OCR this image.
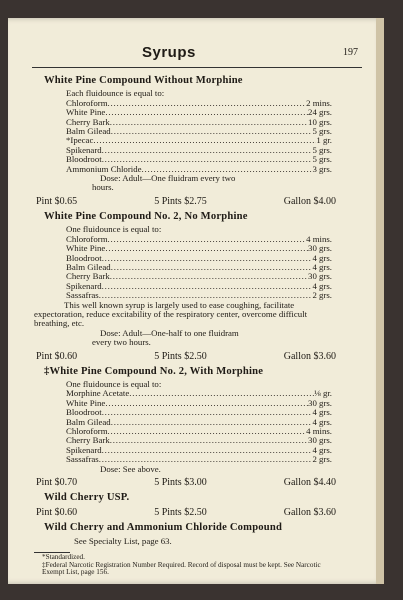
Syrups	197
White Pine Compound Without Morphine
Each fluidounce is equal to:
Chloroform .....	2 mins.
White Pine .....	24 grs.
Cherry Bark .....	10 grs.
Balm Gilead .....	5 grs.
*Ipecac .....	1 gr.
Spikenard .....	5 grs.
Bloodroot .....	5 grs.
Ammonium Chloride .....	3 grs.
Dose: Adult—One fluidram every two
hours.
Pint $0.65	5 Pints $2.75	Gallon $4.00
White Pine Compound No. 2, No Morphine
One fluidounce is equal to:
Chloroform .....	4 mins.
White Pine .....	30 grs.
Bloodroot .....	4 grs.
Balm Gilead .....	4 grs.
Cherry Bark .....	30 grs.
Spikenard .....	4 grs.
Sassafras .....	2 grs.
This well known syrup is largely used to ease coughing, facilitate expectoration, reduce excitability of the respiratory center, overcome difficult breathing, etc.
Dose: Adult—One-half to one fluidram
every two hours.
Pint $0.60	5 Pints $2.50	Gallon $3.60
‡White Pine Compound No. 2, With Morphine
One fluidounce is equal to:
Morphine Acetate .....	⅛ gr.
White Pine .....	30 grs.
Bloodroot .....	4 grs.
Balm Gilead .....	4 grs.
Chloroform .....	4 mins.
Cherry Bark .....	30 grs.
Spikenard .....	4 grs.
Sassafras .....	2 grs.
Dose: See above.
Pint $0.70	5 Pints $3.00	Gallon $4.40
Wild Cherry USP.
Pint $0.60	5 Pints $2.50	Gallon $3.60
Wild Cherry and Ammonium Chloride Compound
See Specialty List, page 63.
*Standardized.
‡Federal Narcotic Registration Number Required. Record of disposal must be kept. See Narcotic Exempt List, page 156.
